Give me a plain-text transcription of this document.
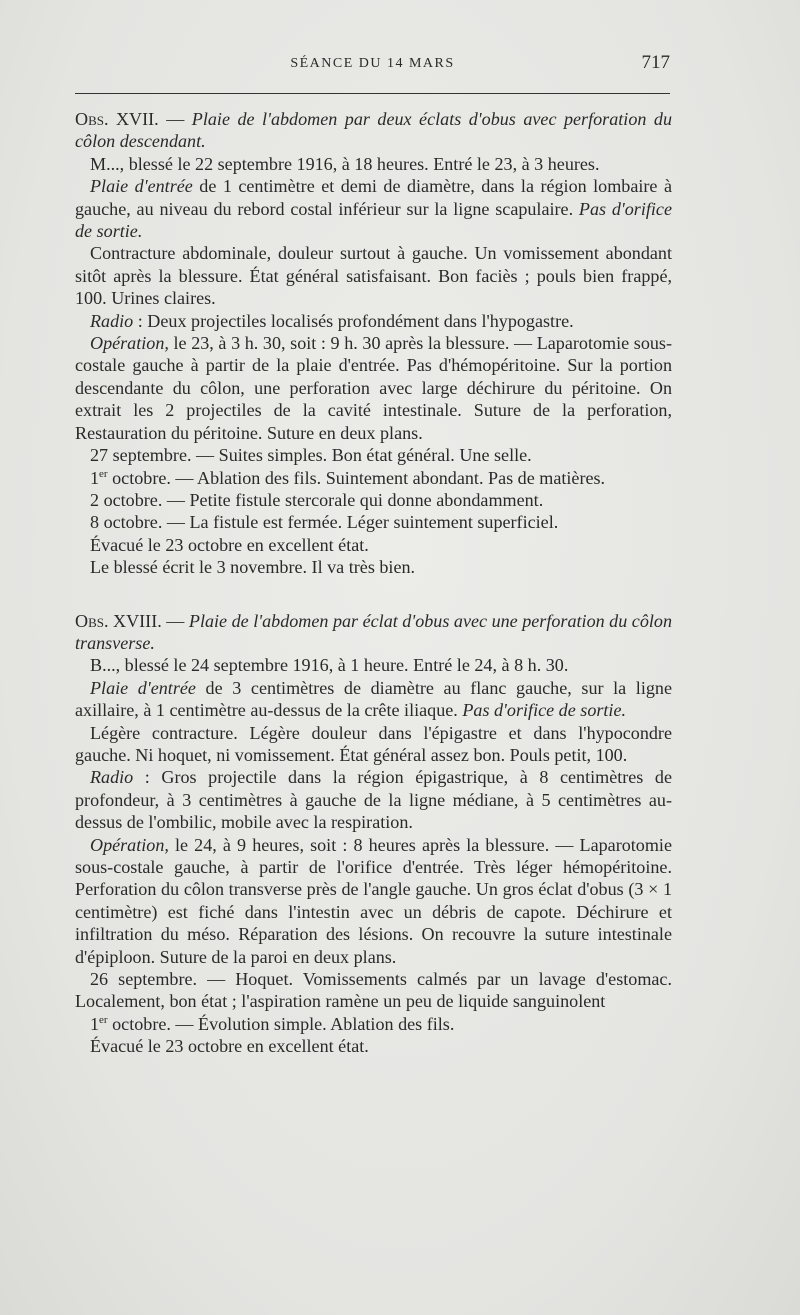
SÉANCE DU 14 MARS	717

Obs. XVII. — Plaie de l'abdomen par deux éclats d'obus avec perforation du côlon descendant.

M..., blessé le 22 septembre 1916, à 18 heures. Entré le 23, à 3 heures.

Plaie d'entrée de 1 centimètre et demi de diamètre, dans la région lombaire à gauche, au niveau du rebord costal inférieur sur la ligne scapulaire. Pas d'orifice de sortie.

Contracture abdominale, douleur surtout à gauche. Un vomissement abondant sitôt après la blessure. État général satisfaisant. Bon faciès ; pouls bien frappé, 100. Urines claires.

Radio : Deux projectiles localisés profondément dans l'hypogastre.

Opération, le 23, à 3 h. 30, soit : 9 h. 30 après la blessure. — Laparotomie sous-costale gauche à partir de la plaie d'entrée. Pas d'hémopéritoine. Sur la portion descendante du côlon, une perforation avec large déchirure du péritoine. On extrait les 2 projectiles de la cavité intestinale. Suture de la perforation, Restauration du péritoine. Suture en deux plans.

27 septembre. — Suites simples. Bon état général. Une selle.

1er octobre. — Ablation des fils. Suintement abondant. Pas de matières.

2 octobre. — Petite fistule stercorale qui donne abondamment.

8 octobre. — La fistule est fermée. Léger suintement superficiel.

Évacué le 23 octobre en excellent état.

Le blessé écrit le 3 novembre. Il va très bien.

Obs. XVIII. — Plaie de l'abdomen par éclat d'obus avec une perforation du côlon transverse.

B..., blessé le 24 septembre 1916, à 1 heure. Entré le 24, à 8 h. 30.

Plaie d'entrée de 3 centimètres de diamètre au flanc gauche, sur la ligne axillaire, à 1 centimètre au-dessus de la crête iliaque. Pas d'orifice de sortie.

Légère contracture. Légère douleur dans l'épigastre et dans l'hypocondre gauche. Ni hoquet, ni vomissement. État général assez bon. Pouls petit, 100.

Radio : Gros projectile dans la région épigastrique, à 8 centimètres de profondeur, à 3 centimètres à gauche de la ligne médiane, à 5 centimètres au-dessus de l'ombilic, mobile avec la respiration.

Opération, le 24, à 9 heures, soit : 8 heures après la blessure. — Laparotomie sous-costale gauche, à partir de l'orifice d'entrée. Très léger hémopéritoine. Perforation du côlon transverse près de l'angle gauche. Un gros éclat d'obus (3 × 1 centimètre) est fiché dans l'intestin avec un débris de capote. Déchirure et infiltration du méso. Réparation des lésions. On recouvre la suture intestinale d'épiploon. Suture de la paroi en deux plans.

26 septembre. — Hoquet. Vomissements calmés par un lavage d'estomac. Localement, bon état ; l'aspiration ramène un peu de liquide sanguinolent

1er octobre. — Évolution simple. Ablation des fils.

Évacué le 23 octobre en excellent état.
